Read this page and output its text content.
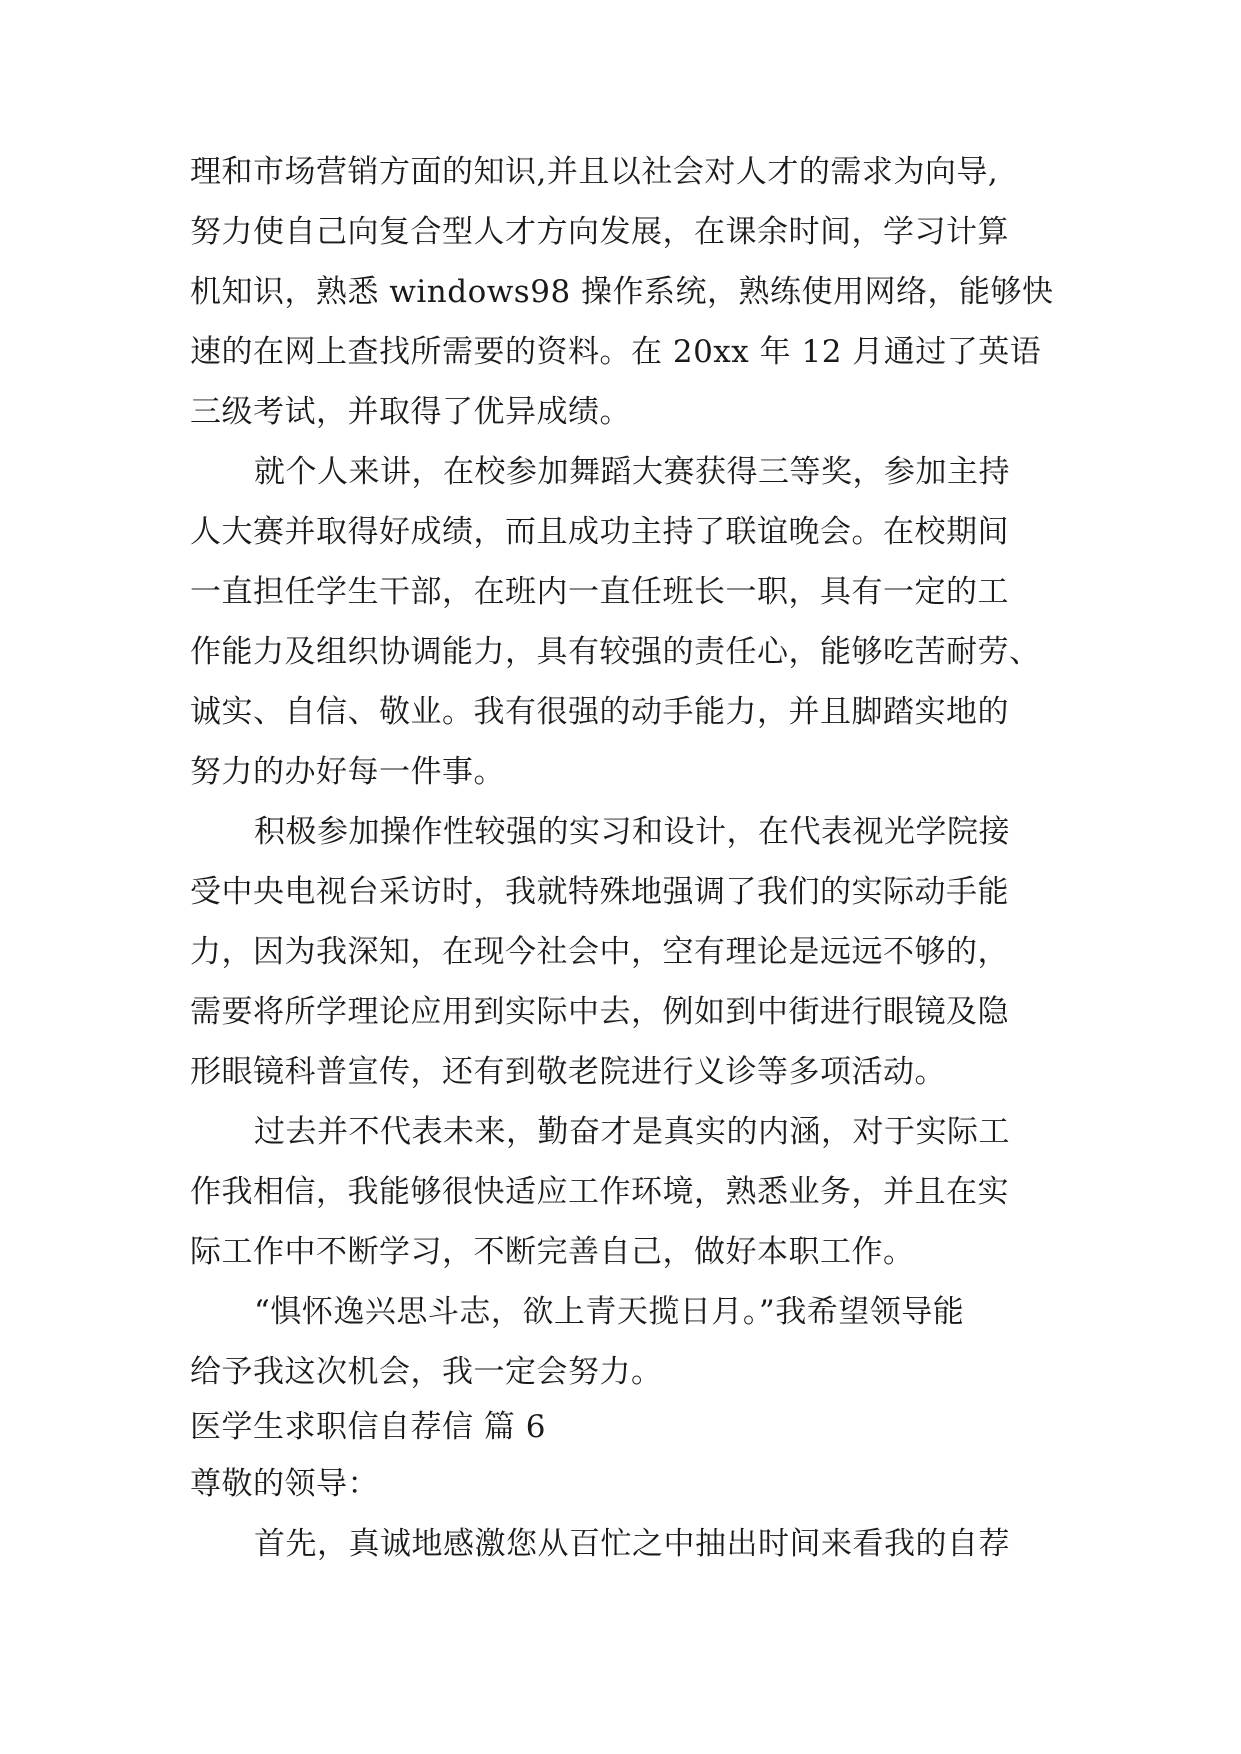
理和市场营销方面的知识,并且以社会对人才的需求为向导,
努力使自己向复合型人才方向发展，在课余时间，学习计算
机知识，熟悉 windows98 操作系统，熟练使用网络，能够快
速的在网上查找所需要的资料。在 20xx 年 12 月通过了英语
三级考试，并取得了优异成绩。
就个人来讲，在校参加舞蹈大赛获得三等奖，参加主持
人大赛并取得好成绩，而且成功主持了联谊晚会。在校期间
一直担任学生干部，在班内一直任班长一职，具有一定的工
作能力及组织协调能力，具有较强的责任心，能够吃苦耐劳、
诚实、自信、敬业。我有很强的动手能力，并且脚踏实地的
努力的办好每一件事。
积极参加操作性较强的实习和设计，在代表视光学院接
受中央电视台采访时，我就特殊地强调了我们的实际动手能
力，因为我深知，在现今社会中，空有理论是远远不够的，
需要将所学理论应用到实际中去，例如到中街进行眼镜及隐
形眼镜科普宣传，还有到敬老院进行义诊等多项活动。
过去并不代表未来，勤奋才是真实的内涵，对于实际工
作我相信，我能够很快适应工作环境，熟悉业务，并且在实
际工作中不断学习，不断完善自己，做好本职工作。
“惧怀逸兴思斗志，欲上青天揽日月。”我希望领导能
给予我这次机会，我一定会努力。
医学生求职信自荐信 篇 6
尊敬的领导：
首先，真诚地感激您从百忙之中抽出时间来看我的自荐
